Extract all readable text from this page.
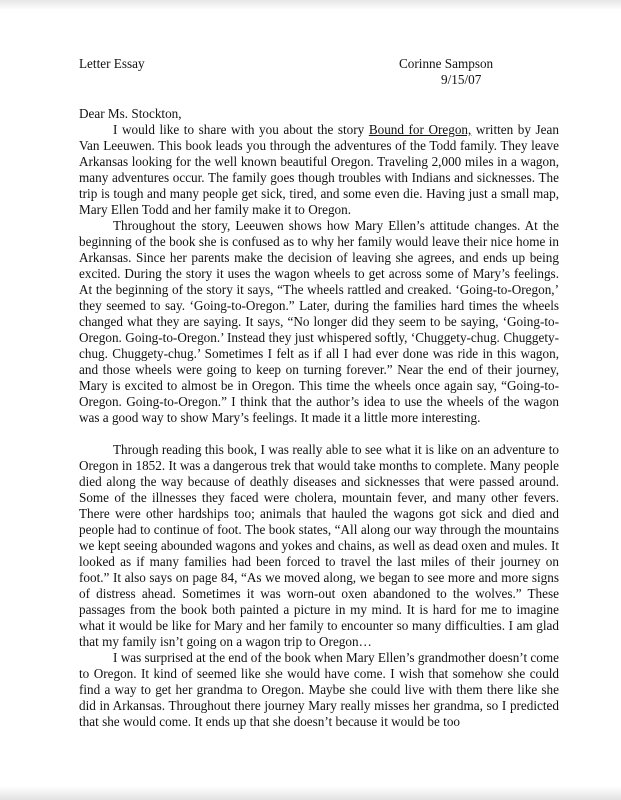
Letter Essay	Corinne Sampson
9/15/07
Dear Ms. Stockton,

I would like to share with you about the story Bound for Oregon, written by Jean Van Leeuwen. This book leads you through the adventures of the Todd family. They leave Arkansas looking for the well known beautiful Oregon. Traveling 2,000 miles in a wagon, many adventures occur. The family goes though troubles with Indians and sicknesses. The trip is tough and many people get sick, tired, and some even die. Having just a small map, Mary Ellen Todd and her family make it to Oregon.

Throughout the story, Leeuwen shows how Mary Ellen’s attitude changes. At the beginning of the book she is confused as to why her family would leave their nice home in Arkansas. Since her parents make the decision of leaving she agrees, and ends up being excited. During the story it uses the wagon wheels to get across some of Mary’s feelings. At the beginning of the story it says, “The wheels rattled and creaked. ‘Going-to-Oregon,’ they seemed to say. ‘Going-to-Oregon.” Later, during the families hard times the wheels changed what they are saying. It says, “No longer did they seem to be saying, ‘Going-to-Oregon. Going-to-Oregon.’ Instead they just whispered softly, ‘Chuggety-chug. Chuggety-chug. Chuggety-chug.’ Sometimes I felt as if all I had ever done was ride in this wagon, and those wheels were going to keep on turning forever.” Near the end of their journey, Mary is excited to almost be in Oregon. This time the wheels once again say, “Going-to-Oregon. Going-to-Oregon.” I think that the author’s idea to use the wheels of the wagon was a good way to show Mary’s feelings. It made it a little more interesting.

Through reading this book, I was really able to see what it is like on an adventure to Oregon in 1852. It was a dangerous trek that would take months to complete. Many people died along the way because of deathly diseases and sicknesses that were passed around. Some of the illnesses they faced were cholera, mountain fever, and many other fevers. There were other hardships too; animals that hauled the wagons got sick and died and people had to continue of foot. The book states, “All along our way through the mountains we kept seeing abounded wagons and yokes and chains, as well as dead oxen and mules. It looked as if many families had been forced to travel the last miles of their journey on foot.” It also says on page 84, “As we moved along, we began to see more and more signs of distress ahead. Sometimes it was worn-out oxen abandoned to the wolves.” These passages from the book both painted a picture in my mind. It is hard for me to imagine what it would be like for Mary and her family to encounter so many difficulties. I am glad that my family isn’t going on a wagon trip to Oregon…

I was surprised at the end of the book when Mary Ellen’s grandmother doesn’t come to Oregon. It kind of seemed like she would have come. I wish that somehow she could find a way to get her grandma to Oregon. Maybe she could live with them there like she did in Arkansas. Throughout there journey Mary really misses her grandma, so I predicted that she would come. It ends up that she doesn’t because it would be too
